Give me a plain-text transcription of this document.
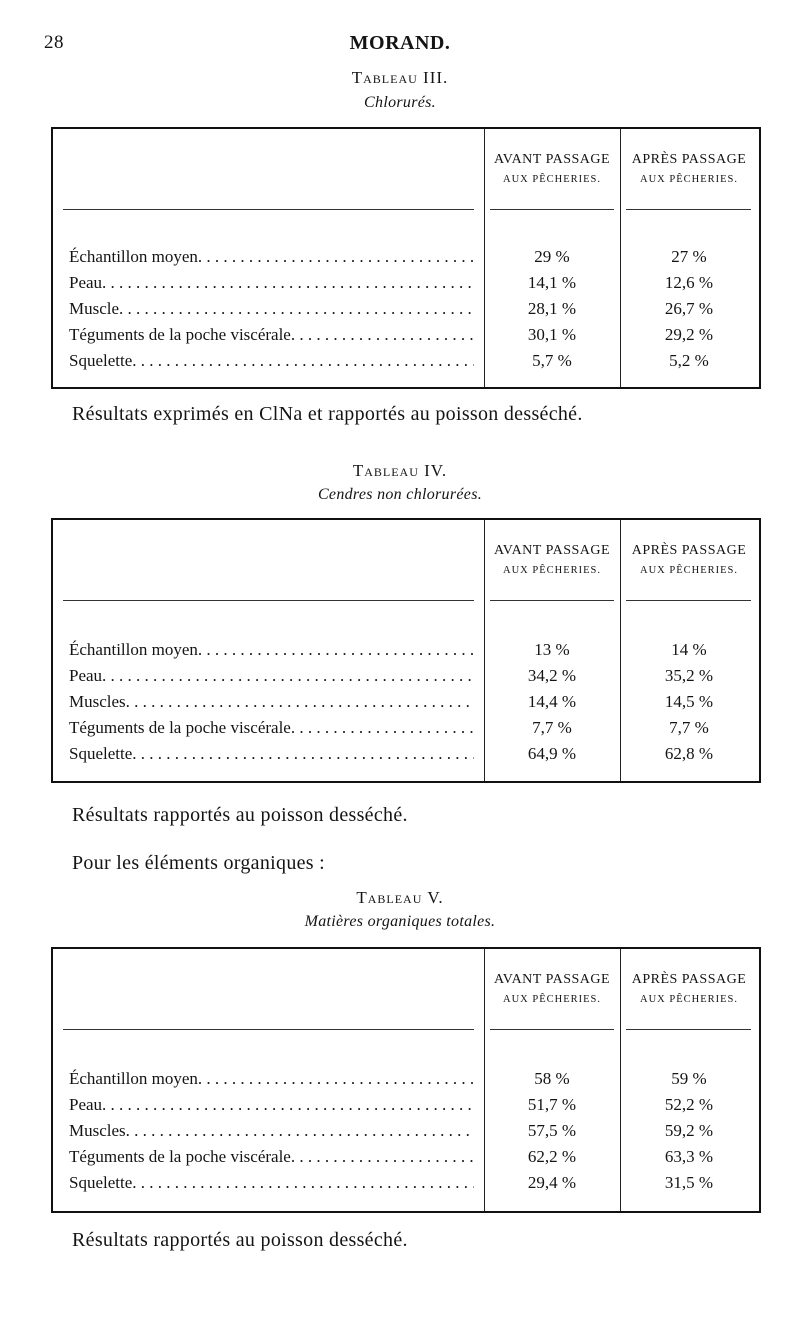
28	MORAND.
Tableau III.
Chlorurés.
AVANT PASSAGE
AUX PÊCHERIES.
APRÈS PASSAGE
AUX PÊCHERIES.
Échantillon moyen . . .	29 %	27 %
Peau . . .	14,1 %	12,6 %
Muscle . . .	28,1 %	26,7 %
Téguments de la poche viscérale . . .	30,1 %	29,2 %
Squelette . . .	5,7 %	5,2 %
Résultats exprimés en ClNa et rapportés au poisson desséché.
Tableau IV.
Cendres non chlorurées.
AVANT PASSAGE
AUX PÊCHERIES.
APRÈS PASSAGE
AUX PÊCHERIES.
Échantillon moyen . . .	13 %	14 %
Peau . . .	34,2 %	35,2 %
Muscles . . .	14,4 %	14,5 %
Téguments de la poche viscérale . . .	7,7 %	7,7 %
Squelette . . .	64,9 %	62,8 %
Résultats rapportés au poisson desséché.
Pour les éléments organiques :
Tableau V.
Matières organiques totales.
AVANT PASSAGE
AUX PÊCHERIES.
APRÈS PASSAGE
AUX PÊCHERIES.
Échantillon moyen . . .	58 %	59 %
Peau . . .	51,7 %	52,2 %
Muscles . . .	57,5 %	59,2 %
Téguments de la poche viscérale . . .	62,2 %	63,3 %
Squelette . . .	29,4 %	31,5 %
Résultats rapportés au poisson desséché.
